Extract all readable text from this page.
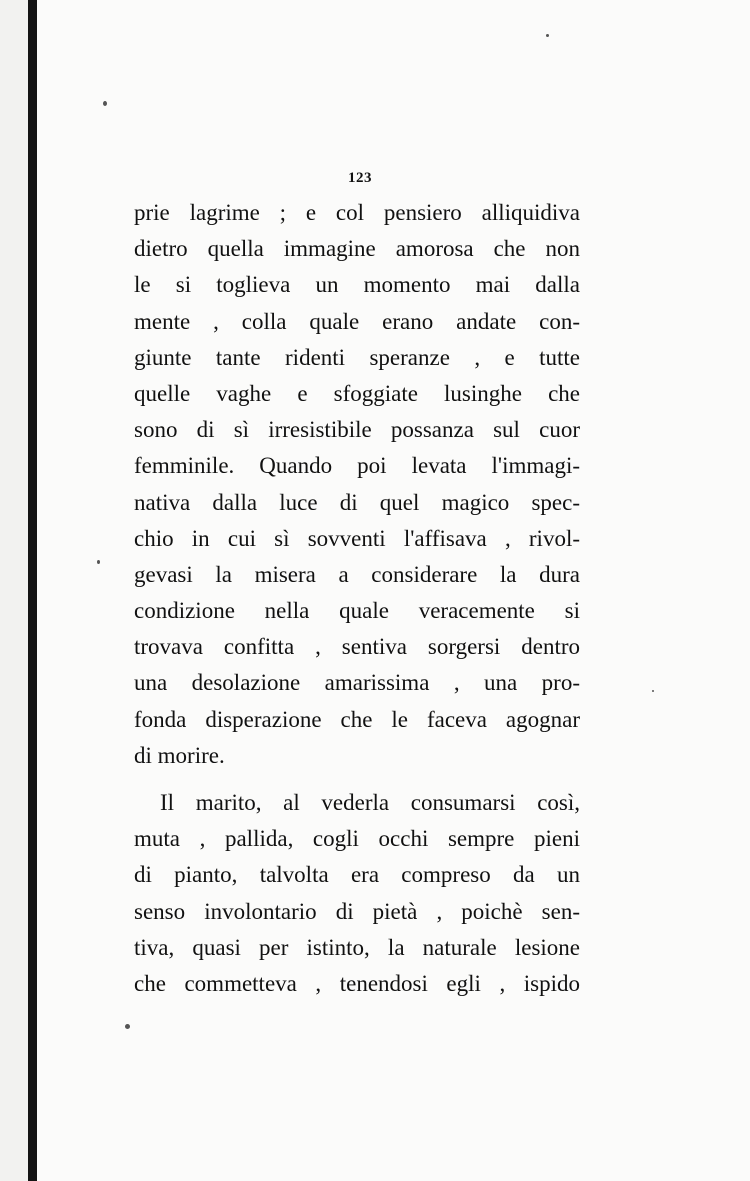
123
prie lagrime ; e col pensiero alliquidiva
dietro quella immagine amorosa che non
le si toglieva un momento mai dalla
mente , colla quale erano andate con-
giunte tante ridenti speranze , e tutte
quelle vaghe e sfoggiate lusinghe che
sono di sì irresistibile possanza sul cuor
femminile. Quando poi levata l'immagi-
nativa dalla luce di quel magico spec-
chio in cui sì sovventi l'affisava , rivol-
gevasi la misera a considerare la dura
condizione nella quale veracemente si
trovava confitta , sentiva sorgersi dentro
una desolazione amarissima , una pro-
fonda disperazione che le faceva agognar
di morire.
Il marito, al vederla consumarsi così,
muta , pallida, cogli occhi sempre pieni
di pianto, talvolta era compreso da un
senso involontario di pietà , poichè sen-
tiva, quasi per istinto, la naturale lesione
che commetteva , tenendosi egli , ispido
